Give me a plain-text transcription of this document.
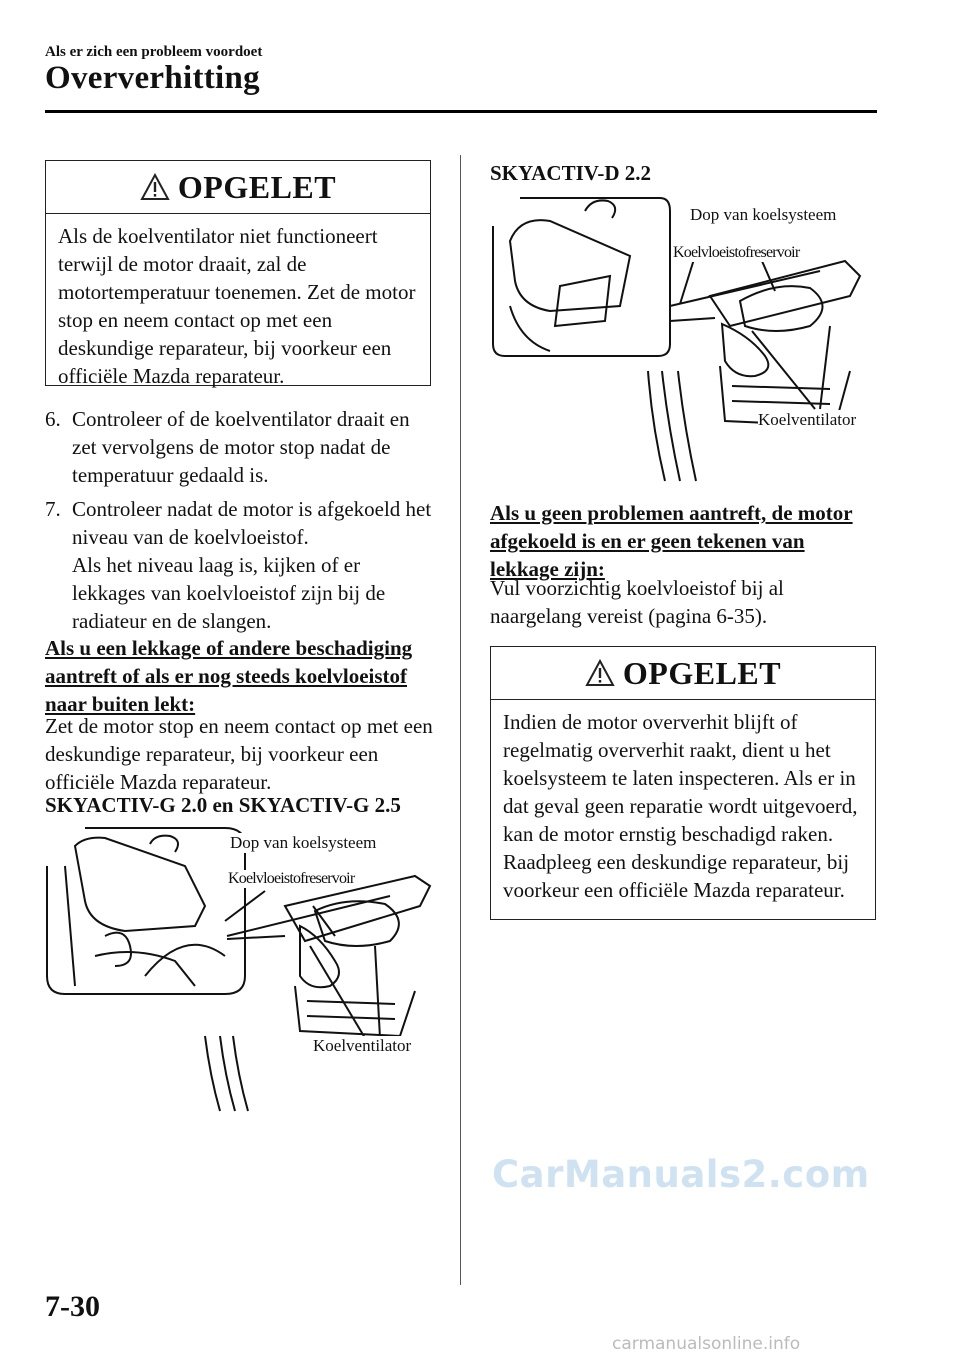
Als er zich een probleem voordoet
Oververhitting
OPGELET
Als de koelventilator niet functioneert terwijl de motor draait, zal de motortemperatuur toenemen. Zet de motor stop en neem contact op met een deskundige reparateur, bij voorkeur een officiële Mazda reparateur.
6. Controleer of de koelventilator draait en zet vervolgens de motor stop nadat de temperatuur gedaald is.
7. Controleer nadat de motor is afgekoeld het niveau van de koelvloeistof.
Als het niveau laag is, kijken of er lekkages van koelvloeistof zijn bij de radiateur en de slangen.
Als u een lekkage of andere beschadiging aantreft of als er nog steeds koelvloeistof naar buiten lekt:
Zet de motor stop en neem contact op met een deskundige reparateur, bij voorkeur een officiële Mazda reparateur.
SKYACTIV-G 2.0 en SKYACTIV-G 2.5
Dop van koelsysteem
Koelvloeistofreservoir
Koelventilator
SKYACTIV-D 2.2
Dop van koelsysteem
Koelvloeistofreservoir
Koelventilator
Als u geen problemen aantreft, de motor afgekoeld is en er geen tekenen van lekkage zijn:
Vul voorzichtig koelvloeistof bij al naargelang vereist (pagina 6-35).
OPGELET
Indien de motor oververhit blijft of regelmatig oververhit raakt, dient u het koelsysteem te laten inspecteren. Als er in dat geval geen reparatie wordt uitgevoerd, kan de motor ernstig beschadigd raken. Raadpleeg een deskundige reparateur, bij voorkeur een officiële Mazda reparateur.
CarManuals2.com
7-30
carmanualsonline.info
